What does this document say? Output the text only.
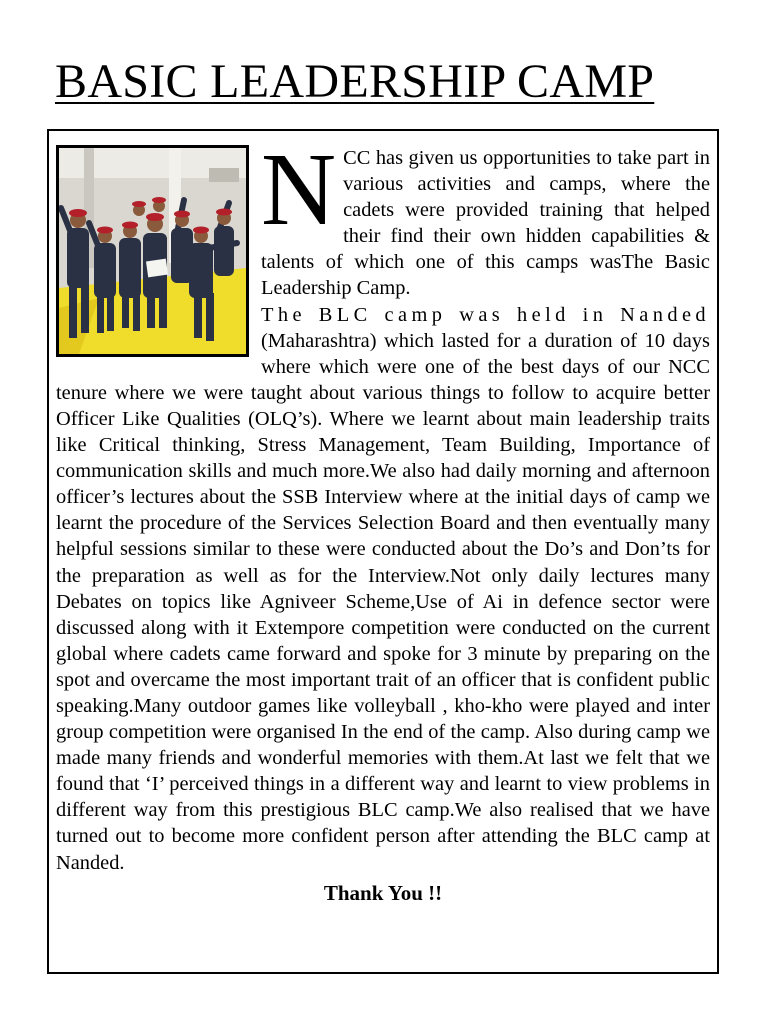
BASIC LEADERSHIP CAMP
N CC has given us opportunities to take part in various activities and camps, where the cadets were provided training that helped their find their own hidden capabilities & talents of which one of this camps wasThe Basic Leadership Camp.

The BLC camp was held in Nanded (Maharashtra) which lasted for a duration of 10 days where which were one of the best days of our NCC tenure where we were taught about various things to follow to acquire better Officer Like Qualities (OLQ’s). Where we learnt about main leadership traits like Critical thinking, Stress Management, Team Building, Importance of communication skills and much more.We also had daily morning and afternoon officer’s lectures about the SSB Interview where at the initial days of camp we learnt the procedure of the Services Selection Board and then eventually many helpful sessions similar to these were conducted about the Do’s and Don’ts for the preparation as well as for the Interview.Not only daily lectures many Debates on topics like Agniveer Scheme,Use of Ai in defence sector were discussed along with it Extempore competition were conducted on the current global where cadets came forward and spoke for 3 minute by preparing on the spot and overcame the most important trait of an officer that is confident public speaking.Many outdoor games like volleyball , kho-kho were played and inter group competition were organised In the end of the camp. Also during camp we made many friends and wonderful memories with them.At last we felt that we found that ‘I’ perceived things in a different way and learnt to view problems in different way from this prestigious BLC camp.We also realised that we have turned out to become more confident person after attending the BLC camp at Nanded.

Thank You !!
